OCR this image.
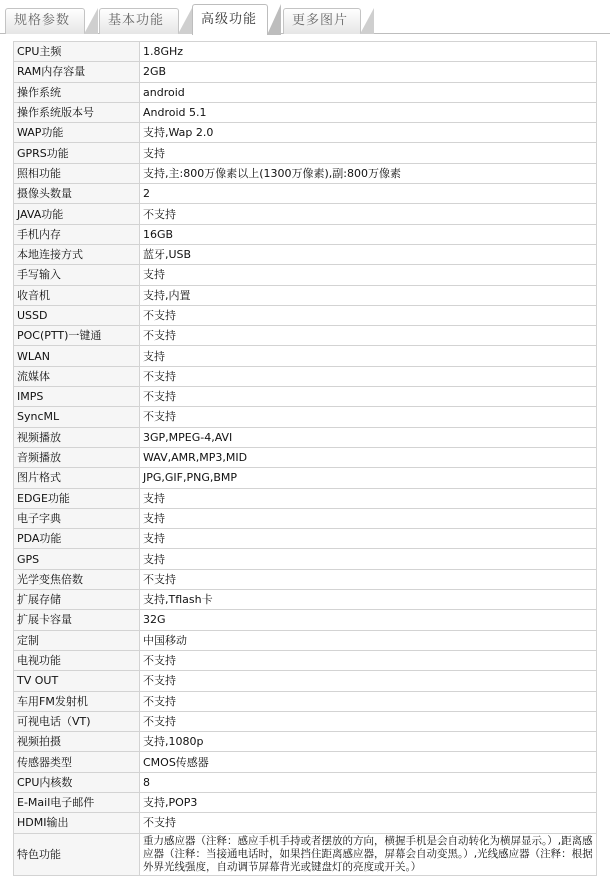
规格参数	基本功能	高级功能	更多图片
CPU主频	1.8GHz
RAM内存容量	2GB
操作系统	android
操作系统版本号	Android 5.1
WAP功能	支持,Wap 2.0
GPRS功能	支持
照相功能	支持,主:800万像素以上(1300万像素),副:800万像素
摄像头数量	2
JAVA功能	不支持
手机内存	16GB
本地连接方式	蓝牙,USB
手写输入	支持
收音机	支持,内置
USSD	不支持
POC(PTT)一键通	不支持
WLAN	支持
流媒体	不支持
IMPS	不支持
SyncML	不支持
视频播放	3GP,MPEG-4,AVI
音频播放	WAV,AMR,MP3,MID
图片格式	JPG,GIF,PNG,BMP
EDGE功能	支持
电子字典	支持
PDA功能	支持
GPS	支持
光学变焦倍数	不支持
扩展存储	支持,Tflash卡
扩展卡容量	32G
定制	中国移动
电视功能	不支持
TV OUT	不支持
车用FM发射机	不支持
可视电话（VT)	不支持
视频拍摄	支持,1080p
传感器类型	CMOS传感器
CPU内核数	8
E-Mail电子邮件	支持,POP3
HDMI输出	不支持
特色功能	重力感应器（注释：感应手机手持或者摆放的方向，横握手机是会自动转化为横屏显示。）,距离感应器（注释：当接通电话时，如果挡住距离感应器，屏幕会自动变黑。）,光线感应器（注释：根据外界光线强度，自动调节屏幕背光或键盘灯的亮度或开关。）
